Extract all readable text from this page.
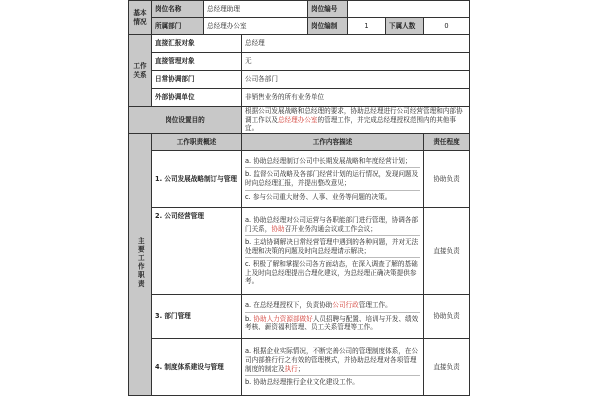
基本情况	岗位名称	总经理助理		岗位编号			
	所属部门	总经理办公室		岗位编制	1	下属人数	0
工作关系	直接汇报对象		总经理				
	直接管理对象		无				
	日常协调部门		公司各部门				
	外部协调单位		非销售业务的所有业务单位				
岗位设置目的			根据公司发展战略和总经理的要求，协助总经理进行公司经营管理和内部协调工作以及总经理办公室的管理工作，并完成总经理授权范围内的其他事宜。				
主要工作职责	工作职责概述		工作内容描述				责任程度
	1. 公司发展战略制订与管理		a. 协助总经理制订公司中长期发展战略和年度经营计划；

b. 监督公司战略及各部门经营计划的运行情况，发现问题及时向总经理汇报，并提出整改意见；

c. 参与公司重大财务、人事、业务等问题的决策。				协助负责
	2. 公司经营管理		a. 协助总经理对公司运营与各职能部门进行管理，协调各部门关系，协助召开业务沟通会议或工作会议；

b. 主动协调解决日常经营管理中遇到的各种问题，并对无法处理和决策的问题及时向总经理请示解决；

c. 积极了解和掌握公司各方面动态，在深入调查了解的基础上及时向总经理提出合理化建议，为总经理正确决策提供参考。				直接负责
	3. 部门管理		a. 在总经理授权下，负责协助公司行政管理工作。

b. 协助人力资源部做好人员招聘与配置、培训与开发、绩效考核、薪资福利管理、员工关系管理等工作。				协助负责
	4. 制度体系建设与管理		a. 根据企业实际情况，不断完善公司的管理制度体系，在公司内部推行行之有效的管理模式，并协助总经理对各项管理制度的制定及执行；

b. 协助总经理推行企业文化建设工作。				直接负责
